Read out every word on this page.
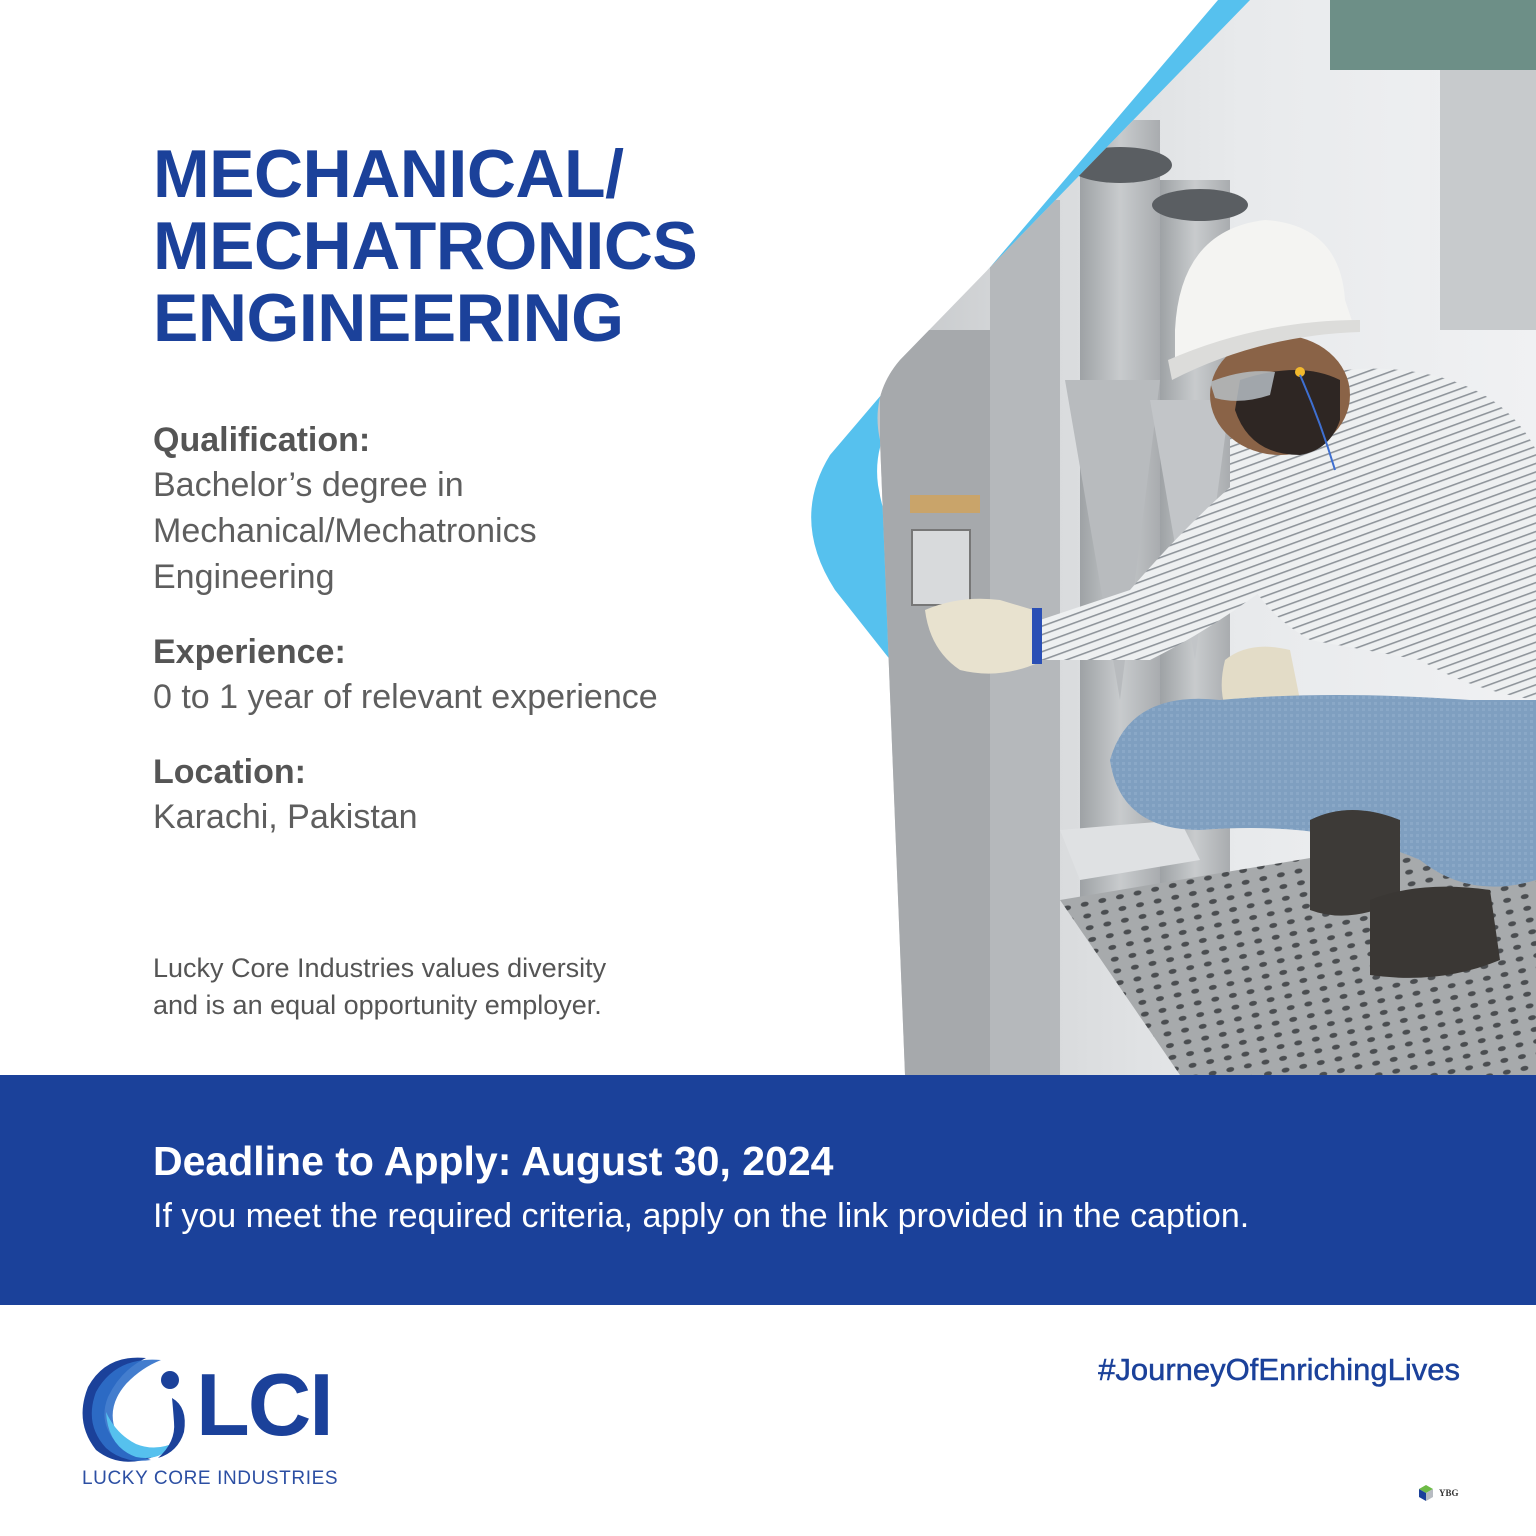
MECHANICAL/
MECHATRONICS
ENGINEERING
Qualification:
Bachelor’s degree in
Mechanical/Mechatronics
Engineering
Experience:
0 to 1 year of relevant experience
Location:
Karachi, Pakistan
Lucky Core Industries values diversity
and is an equal opportunity employer.
Deadline to Apply: August 30, 2024
If you meet the required criteria, apply on the link provided in the caption.
LCI
LUCKY CORE INDUSTRIES
#JourneyOfEnrichingLives
YBG
